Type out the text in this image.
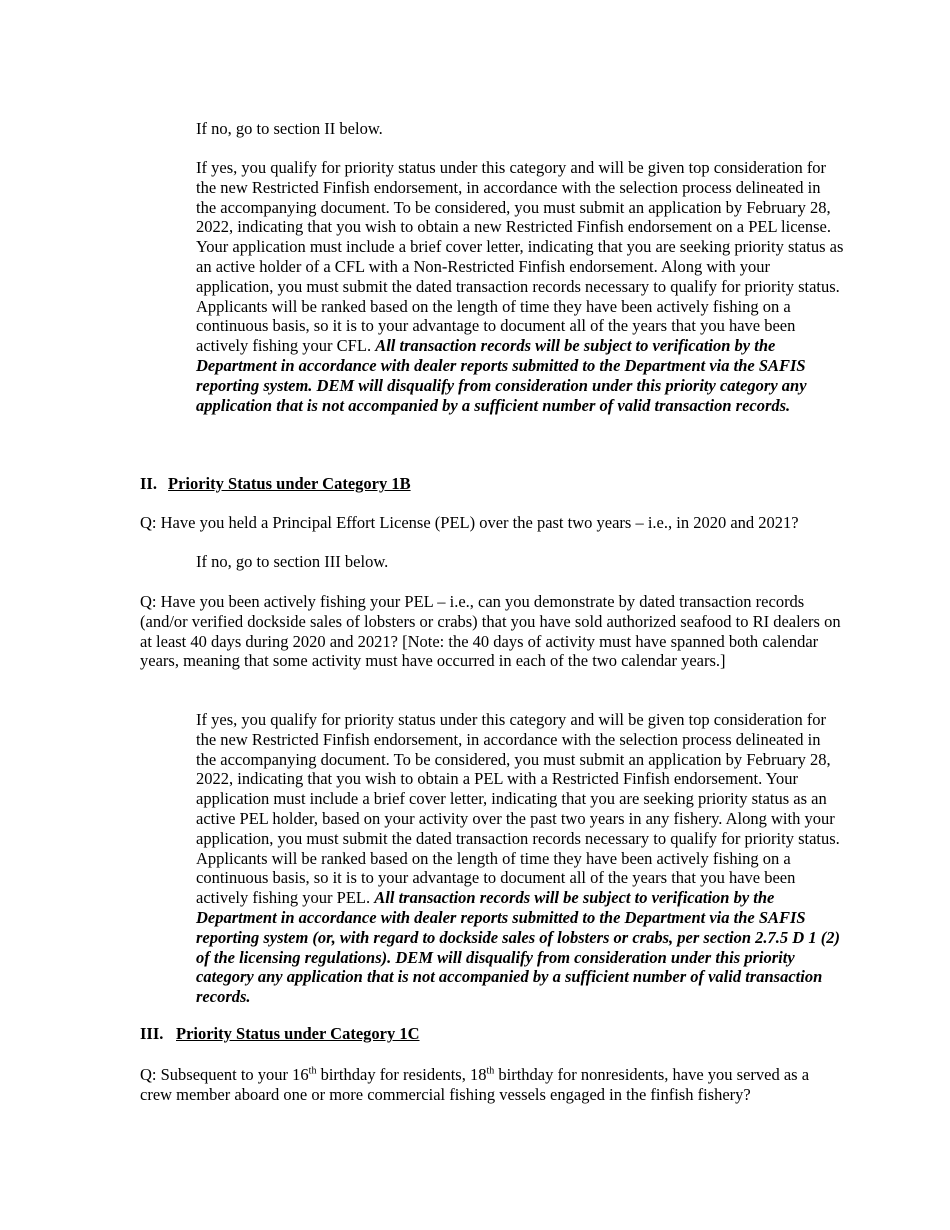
If no, go to section II below.

If yes, you qualify for priority status under this category and will be given top consideration for the new Restricted Finfish endorsement, in accordance with the selection process delineated in the accompanying document. To be considered, you must submit an application by February 28, 2022, indicating that you wish to obtain a new Restricted Finfish endorsement on a PEL license. Your application must include a brief cover letter, indicating that you are seeking priority status as an active holder of a CFL with a Non-Restricted Finfish endorsement. Along with your application, you must submit the dated transaction records necessary to qualify for priority status. Applicants will be ranked based on the length of time they have been actively fishing on a continuous basis, so it is to your advantage to document all of the years that you have been actively fishing your CFL. All transaction records will be subject to verification by the Department in accordance with dealer reports submitted to the Department via the SAFIS reporting system. DEM will disqualify from consideration under this priority category any application that is not accompanied by a sufficient number of valid transaction records.

II. Priority Status under Category 1B

Q: Have you held a Principal Effort License (PEL) over the past two years – i.e., in 2020 and 2021?

If no, go to section III below.

Q: Have you been actively fishing your PEL – i.e., can you demonstrate by dated transaction records (and/or verified dockside sales of lobsters or crabs) that you have sold authorized seafood to RI dealers on at least 40 days during 2020 and 2021? [Note: the 40 days of activity must have spanned both calendar years, meaning that some activity must have occurred in each of the two calendar years.]

If yes, you qualify for priority status under this category and will be given top consideration for the new Restricted Finfish endorsement, in accordance with the selection process delineated in the accompanying document. To be considered, you must submit an application by February 28, 2022, indicating that you wish to obtain a PEL with a Restricted Finfish endorsement. Your application must include a brief cover letter, indicating that you are seeking priority status as an active PEL holder, based on your activity over the past two years in any fishery. Along with your application, you must submit the dated transaction records necessary to qualify for priority status. Applicants will be ranked based on the length of time they have been actively fishing on a continuous basis, so it is to your advantage to document all of the years that you have been actively fishing your PEL. All transaction records will be subject to verification by the Department in accordance with dealer reports submitted to the Department via the SAFIS reporting system (or, with regard to dockside sales of lobsters or crabs, per section 2.7.5 D 1 (2) of the licensing regulations). DEM will disqualify from consideration under this priority category any application that is not accompanied by a sufficient number of valid transaction records.

III. Priority Status under Category 1C

Q: Subsequent to your 16th birthday for residents, 18th birthday for nonresidents, have you served as a crew member aboard one or more commercial fishing vessels engaged in the finfish fishery?
